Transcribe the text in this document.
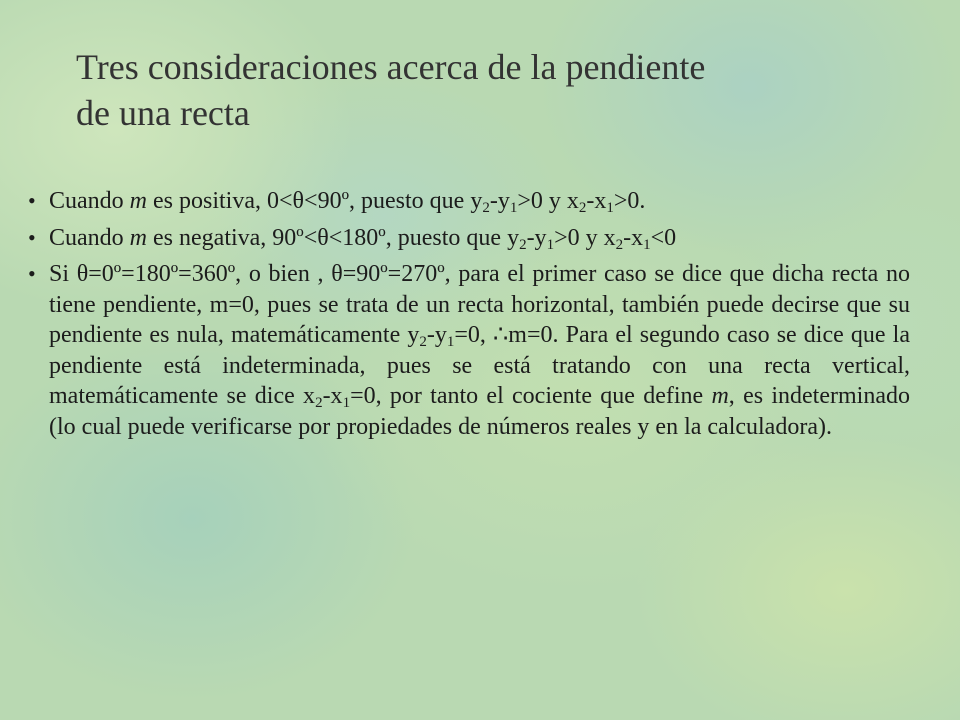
Tres consideraciones acerca de la pendiente
de una recta
• Cuando m es positiva, 0<θ<90º, puesto que $y_2-y_1>0$ y $x_2-x_1>0$.
• Cuando m es negativa, 90º<θ<180º, puesto que $y_2-y_1>0$ y $x_2-x_1<0$
• Si θ=0º=180º=360º, o bien , θ=90º=270º, para el primer caso se dice que dicha recta no tiene pendiente, m=0, pues se trata de un recta horizontal, también puede decirse que su pendiente es nula, matemáticamente $y_2-y_1=0$, ∴m=0. Para el segundo caso se dice que la pendiente está indeterminada, pues se está tratando con una recta vertical, matemáticamente se dice $x_2-x_1=0$, por tanto el cociente que define m, es indeterminado (lo cual puede verificarse por propiedades de números reales y en la calculadora).
